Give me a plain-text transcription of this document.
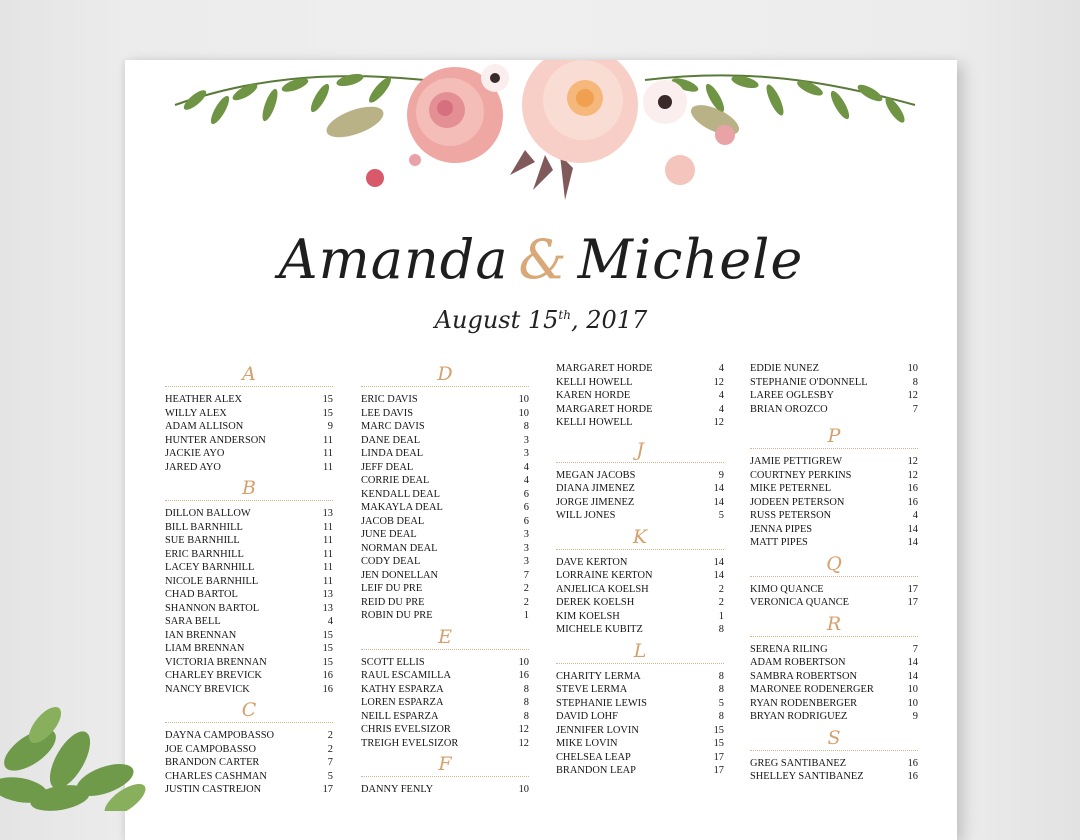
Amanda & Michele
August 15th, 2017
A
HEATHER ALEX	15
WILLY ALEX	15
ADAM ALLISON	9
HUNTER ANDERSON	11
JACKIE AYO	11
JARED AYO	11
B
DILLON BALLOW	13
BILL BARNHILL	11
SUE BARNHILL	11
ERIC BARNHILL	11
LACEY BARNHILL	11
NICOLE BARNHILL	11
CHAD BARTOL	13
SHANNON BARTOL	13
SARA BELL	4
IAN BRENNAN	15
LIAM BRENNAN	15
VICTORIA BRENNAN	15
CHARLEY BREVICK	16
NANCY BREVICK	16
C
DAYNA CAMPOBASSO	2
JOE CAMPOBASSO	2
BRANDON CARTER	7
CHARLES CASHMAN	5
JUSTIN CASTREJON	17
D
ERIC DAVIS	10
LEE DAVIS	10
MARC DAVIS	8
DANE DEAL	3
LINDA DEAL	3
JEFF DEAL	4
CORRIE DEAL	4
KENDALL DEAL	6
MAKAYLA DEAL	6
JACOB DEAL	6
JUNE DEAL	3
NORMAN DEAL	3
CODY DEAL	3
JEN DONELLAN	7
LEIF DU PRE	2
REID DU PRE	2
ROBIN DU PRE	1
E
SCOTT ELLIS	10
RAUL ESCAMILLA	16
KATHY ESPARZA	8
LOREN ESPARZA	8
NEILL ESPARZA	8
CHRIS EVELSIZOR	12
TREIGH EVELSIZOR	12
F
DANNY FENLY	10
MARGARET HORDE	4
KELLI HOWELL	12
KAREN HORDE	4
MARGARET HORDE	4
KELLI HOWELL	12
J
MEGAN JACOBS	9
DIANA JIMENEZ	14
JORGE JIMENEZ	14
WILL JONES	5
K
DAVE KERTON	14
LORRAINE KERTON	14
ANJELICA KOELSH	2
DEREK KOELSH	2
KIM KOELSH	1
MICHELE KUBITZ	8
L
CHARITY LERMA	8
STEVE LERMA	8
STEPHANIE LEWIS	5
DAVID LOHF	8
JENNIFER LOVIN	15
MIKE LOVIN	15
CHELSEA LEAP	17
BRANDON LEAP	17
EDDIE NUNEZ	10
STEPHANIE O'DONNELL	8
LAREE OGLESBY	12
BRIAN OROZCO	7
P
JAMIE PETTIGREW	12
COURTNEY PERKINS	12
MIKE PETERNEL	16
JODEEN PETERSON	16
RUSS PETERSON	4
JENNA PIPES	14
MATT PIPES	14
Q
KIMO QUANCE	17
VERONICA QUANCE	17
R
SERENA RILING	7
ADAM ROBERTSON	14
SAMBRA ROBERTSON	14
MARONEE RODENERGER	10
RYAN RODENBERGER	10
BRYAN RODRIGUEZ	9
S
GREG SANTIBANEZ	16
SHELLEY SANTIBANEZ	16
